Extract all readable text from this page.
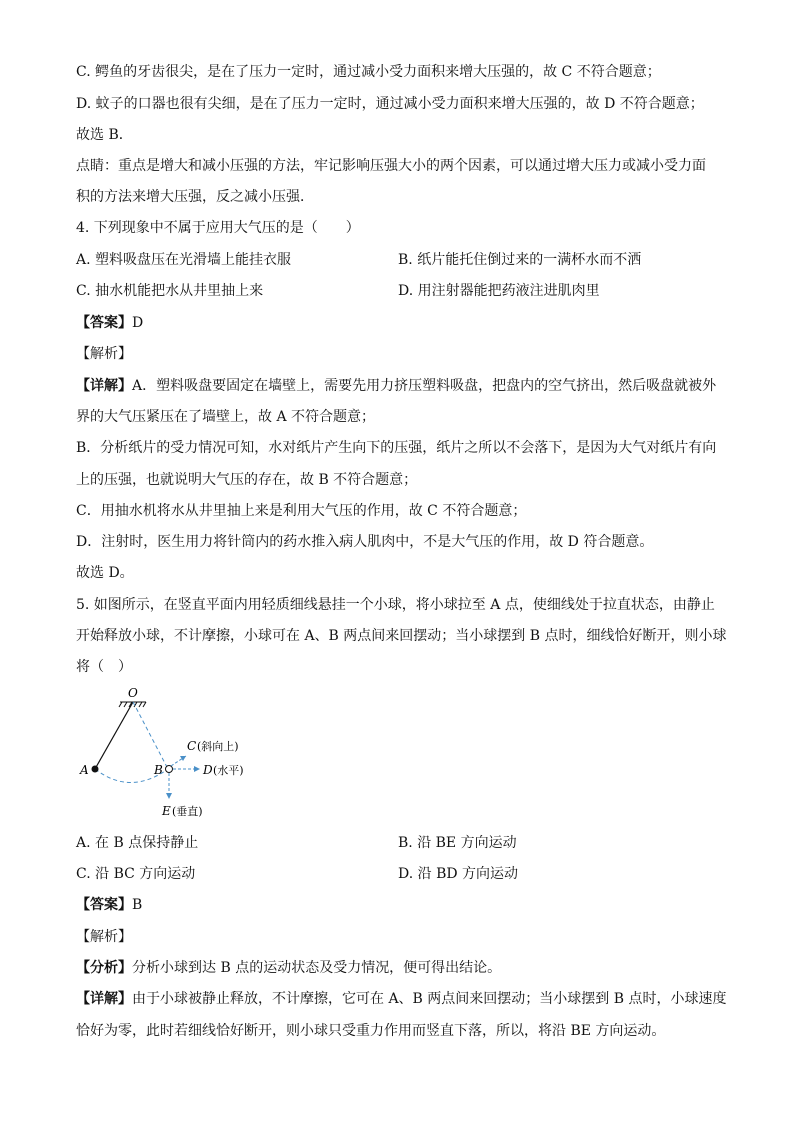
C. 鳄鱼的牙齿很尖，是在了压力一定时，通过减小受力面积来增大压强的，故 C 不符合题意；
D. 蚊子的口器也很有尖细，是在了压力一定时，通过减小受力面积来增大压强的，故 D 不符合题意；
故选 B．
点睛：重点是增大和减小压强的方法，牢记影响压强大小的两个因素，可以通过增大压力或减小受力面
积的方法来增大压强，反之减小压强．
4. 下列现象中不属于应用大气压的是（　　）
A. 塑料吸盘压在光滑墙上能挂衣服	B. 纸片能托住倒过来的一满杯水而不洒
C. 抽水机能把水从井里抽上来	D. 用注射器能把药液注进肌肉里
【答案】D
【解析】
【详解】A．塑料吸盘要固定在墙壁上，需要先用力挤压塑料吸盘，把盘内的空气挤出，然后吸盘就被外
界的大气压紧压在了墙壁上，故 A 不符合题意；
B．分析纸片的受力情况可知，水对纸片产生向下的压强，纸片之所以不会落下，是因为大气对纸片有向
上的压强，也就说明大气压的存在，故 B 不符合题意；
C．用抽水机将水从井里抽上来是利用大气压的作用，故 C 不符合题意；
D．注射时，医生用力将针筒内的药水推入病人肌肉中，不是大气压的作用，故 D 符合题意。
故选 D。
5. 如图所示，在竖直平面内用轻质细线悬挂一个小球，将小球拉至 A 点，使细线处于拉直状态，由静止
开始释放小球，不计摩擦，小球可在 A、B 两点间来回摆动；当小球摆到 B 点时，细线恰好断开，则小球
将（　）
O
A	B
C (斜向上)
D (水平)
E (垂直)
A. 在 B 点保持静止	B. 沿 BE 方向运动
C. 沿 BC 方向运动	D. 沿 BD 方向运动
【答案】B
【解析】
【分析】分析小球到达 B 点的运动状态及受力情况，便可得出结论。
【详解】由于小球被静止释放，不计摩擦，它可在 A、B 两点间来回摆动；当小球摆到 B 点时，小球速度
恰好为零，此时若细线恰好断开，则小球只受重力作用而竖直下落，所以，将沿 BE 方向运动。
